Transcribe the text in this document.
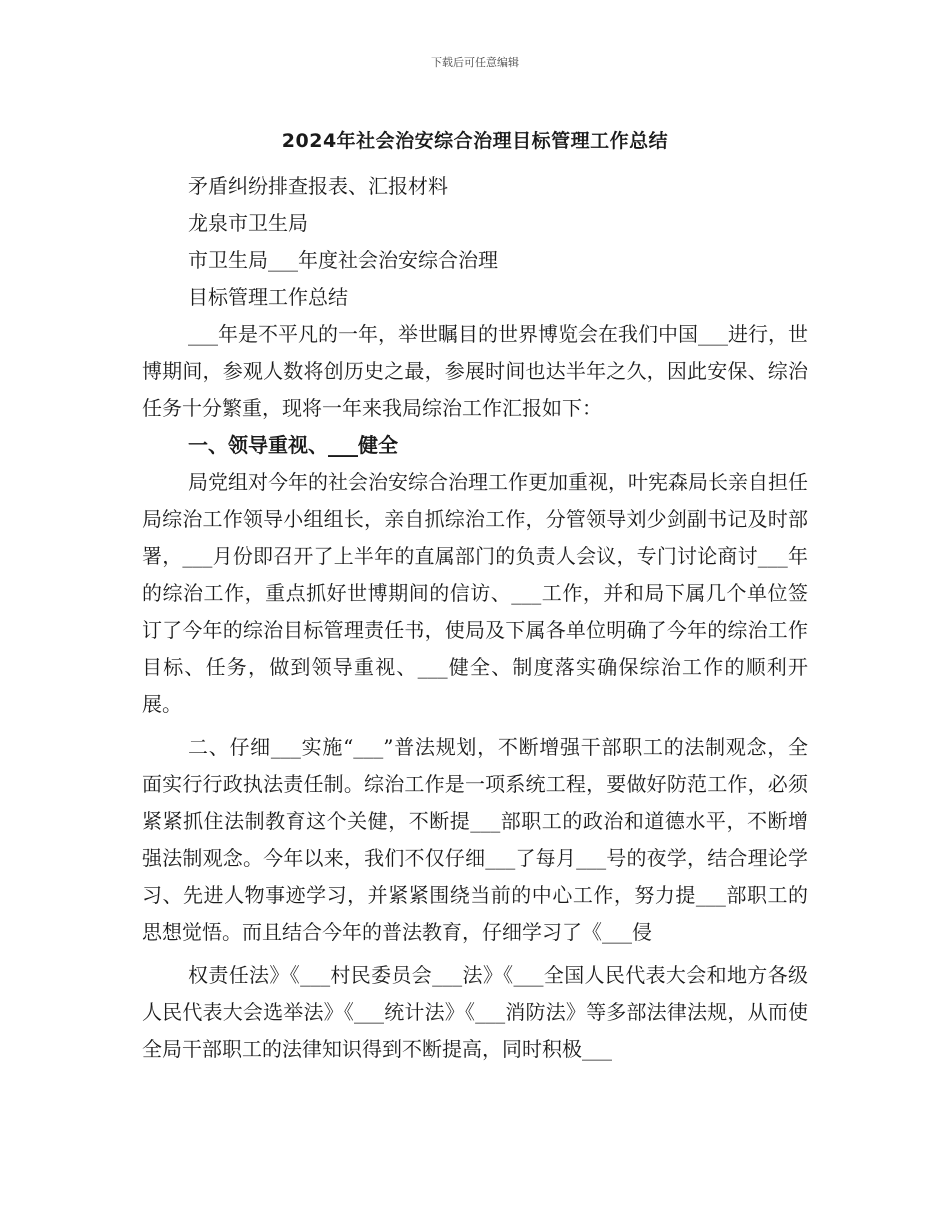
下载后可任意编辑
2024年社会治安综合治理目标管理工作总结

矛盾纠纷排查报表、汇报材料

龙泉市卫生局

市卫生局___年度社会治安综合治理

目标管理工作总结

___年是不平凡的一年，举世瞩目的世界博览会在我们中国___进行，世博期间，参观人数将创历史之最，参展时间也达半年之久，因此安保、综治任务十分繁重，现将一年来我局综治工作汇报如下：

一、领导重视、___健全

局党组对今年的社会治安综合治理工作更加重视，叶宪森局长亲自担任局综治工作领导小组组长，亲自抓综治工作，分管领导刘少剑副书记及时部署，___月份即召开了上半年的直属部门的负责人会议，专门讨论商讨___年的综治工作，重点抓好世博期间的信访、___工作，并和局下属几个单位签订了今年的综治目标管理责任书，使局及下属各单位明确了今年的综治工作目标、任务，做到领导重视、___健全、制度落实确保综治工作的顺利开展。

二、仔细___实施“___”普法规划，不断增强干部职工的法制观念，全面实行行政执法责任制。综治工作是一项系统工程，要做好防范工作，必须紧紧抓住法制教育这个关健，不断提___部职工的政治和道德水平，不断增强法制观念。今年以来，我们不仅仔细___了每月___号的夜学，结合理论学习、先进人物事迹学习，并紧紧围绕当前的中心工作，努力提___部职工的思想觉悟。而且结合今年的普法教育，仔细学习了《___侵

权责任法》《___村民委员会___法》《___全国人民代表大会和地方各级人民代表大会选举法》《___统计法》《___消防法》等多部法律法规，从而使全局干部职工的法律知识得到不断提高，同时积极___
